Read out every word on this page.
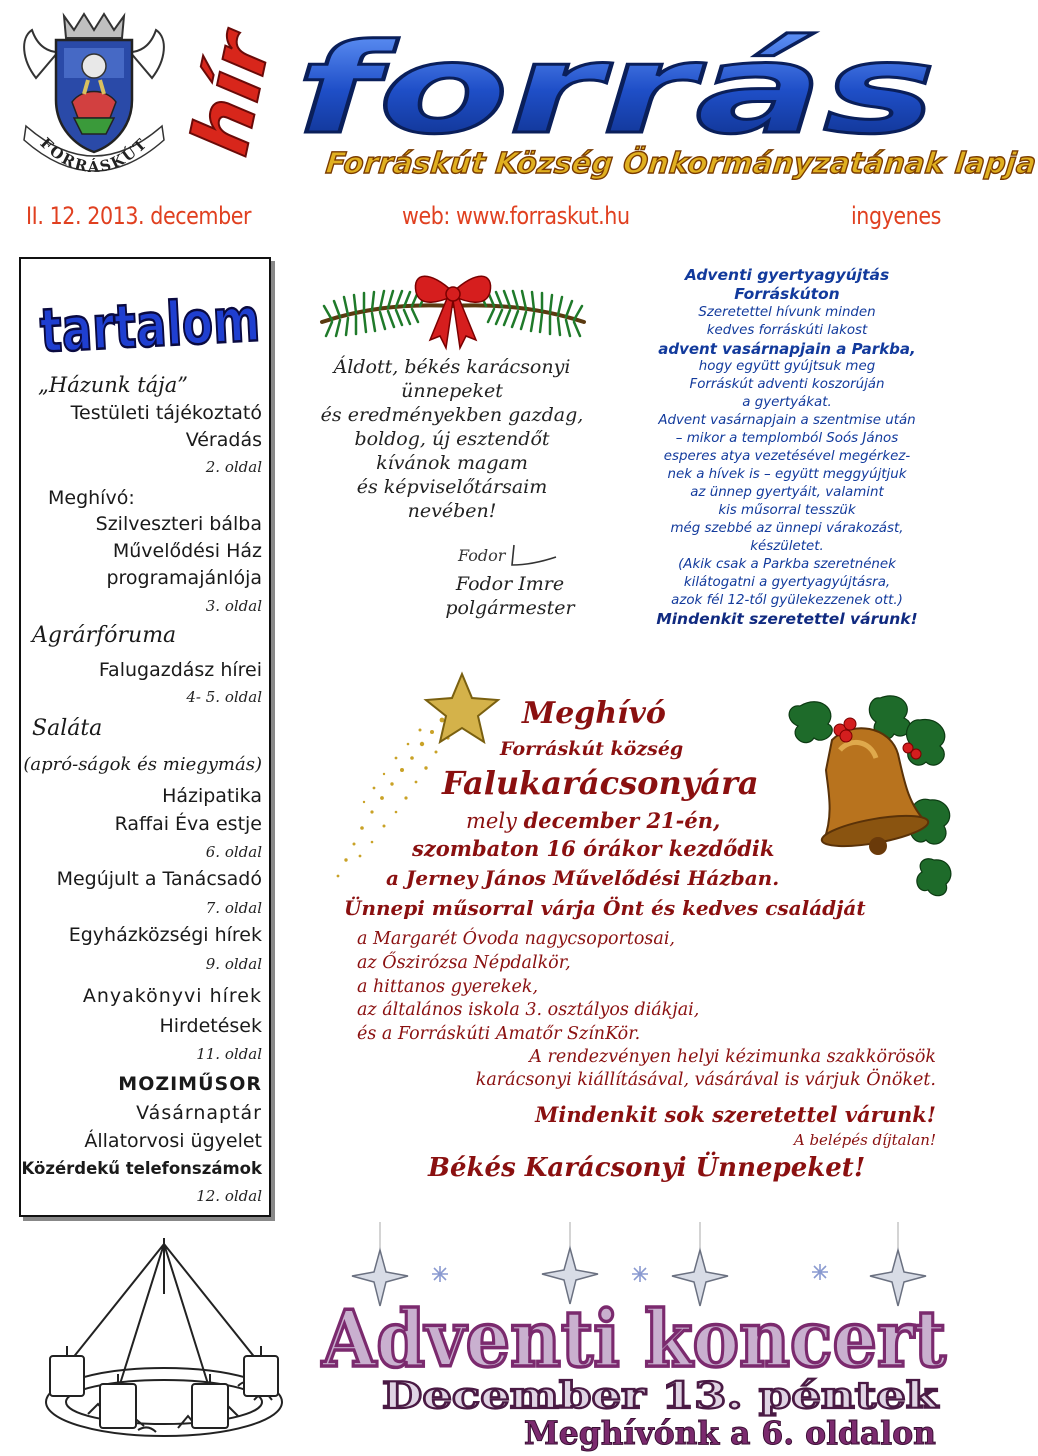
FORRÁSKÚT hír forrás
Forráskút Község Önkormányzatának lapja
II. 12. 2013. december	web: www.forraskut.hu	ingyenes
tartalom
„Házunk tája”
Testületi tájékoztató
Véradás
2. oldal
Meghívó:
Szilveszteri bálba
Művelődési Ház
programajánlója
3. oldal
Agrárfóruma
Falugazdász hírei
4- 5. oldal
Saláta
(apró-ságok és miegymás)
Házipatika
Raffai Éva estje
6. oldal
Megújult a Tanácsadó
7. oldal
Egyházközségi hírek
9. oldal
Anyakönyvi hírek
Hirdetések
11. oldal
MOZIMŰSOR
Vásárnaptár
Állatorvosi ügyelet
Közérdekű telefonszámok
12. oldal
Áldott, békés karácsonyi
ünnepeket
és eredményekben gazdag,
boldog, új esztendőt
kívánok magam
és képviselőtársaim
nevében!
Fodor
Fodor Imre
polgármester
Adventi gyertyagyújtás
Forráskúton
Szeretettel hívunk minden
kedves forráskúti lakost
advent vasárnapjain a Parkba,
hogy együtt gyújtsuk meg
Forráskút adventi koszorúján
a gyertyákat.
Advent vasárnapjain a szentmise után
– mikor a templomból Soós János
esperes atya vezetésével megérkez-
nek a hívek is – együtt meggyújtjuk
az ünnep gyertyáit, valamint
kis műsorral tesszük
még szebbé az ünnepi várakozást,
készületet.
(Akik csak a Parkba szeretnének
kilátogatni a gyertyagyújtásra,
azok fél 12-től gyülekezzenek ott.)
Mindenkit szeretettel várunk!
Meghívó
Forráskút község
Falukarácsonyára
mely december 21-én,
szombaton 16 órákor kezdődik
a Jerney János Művelődési Házban.
Ünnepi műsorral várja Önt és kedves családját
a Margarét Óvoda nagycsoportosai,
az Őszirózsa Népdalkör,
a hittanos gyerekek,
az általános iskola 3. osztályos diákjai,
és a Forráskúti Amatőr SzínKör.
A rendezvényen helyi kézimunka szakkörösök
karácsonyi kiállításával, vásárával is várjuk Önöket.
Mindenkit sok szeretettel várunk!
A belépés díjtalan!
Békés Karácsonyi Ünnepeket!
Adventi koncert
December 13. péntek
Meghívónk a 6. oldalon
